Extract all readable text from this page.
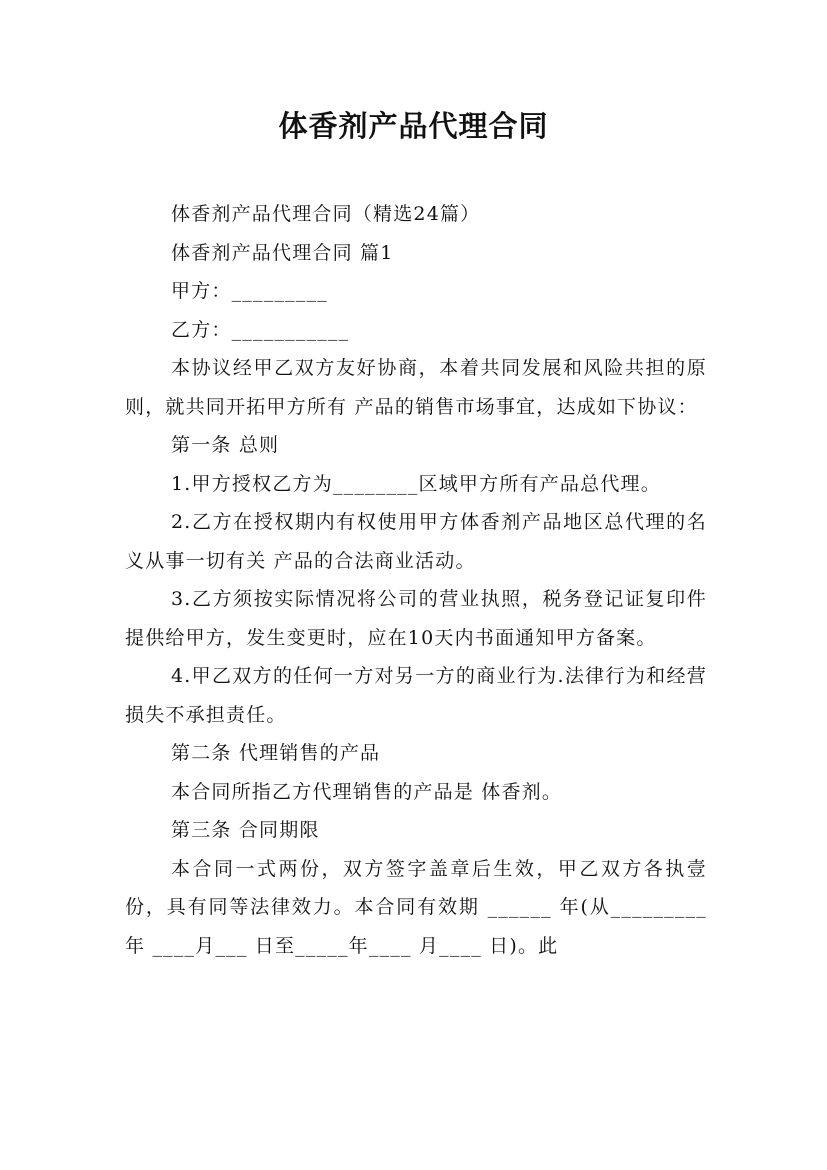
体香剂产品代理合同

体香剂产品代理合同（精选24篇）

体香剂产品代理合同 篇1

甲方：_________

乙方：___________

本协议经甲乙双方友好协商，本着共同发展和风险共担的原则，就共同开拓甲方所有 产品的销售市场事宜，达成如下协议：

第一条 总则

1.甲方授权乙方为________区域甲方所有产品总代理。

2.乙方在授权期内有权使用甲方体香剂产品地区总代理的名义从事一切有关 产品的合法商业活动。

3.乙方须按实际情况将公司的营业执照，税务登记证复印件提供给甲方，发生变更时，应在10天内书面通知甲方备案。

4.甲乙双方的任何一方对另一方的商业行为.法律行为和经营损失不承担责任。

第二条 代理销售的产品

本合同所指乙方代理销售的产品是 体香剂。

第三条 合同期限

本合同一式两份，双方签字盖章后生效，甲乙双方各执壹份，具有同等法律效力。本合同有效期 ______ 年(从_________年 ____月___ 日至_____年____ 月____ 日)。此
